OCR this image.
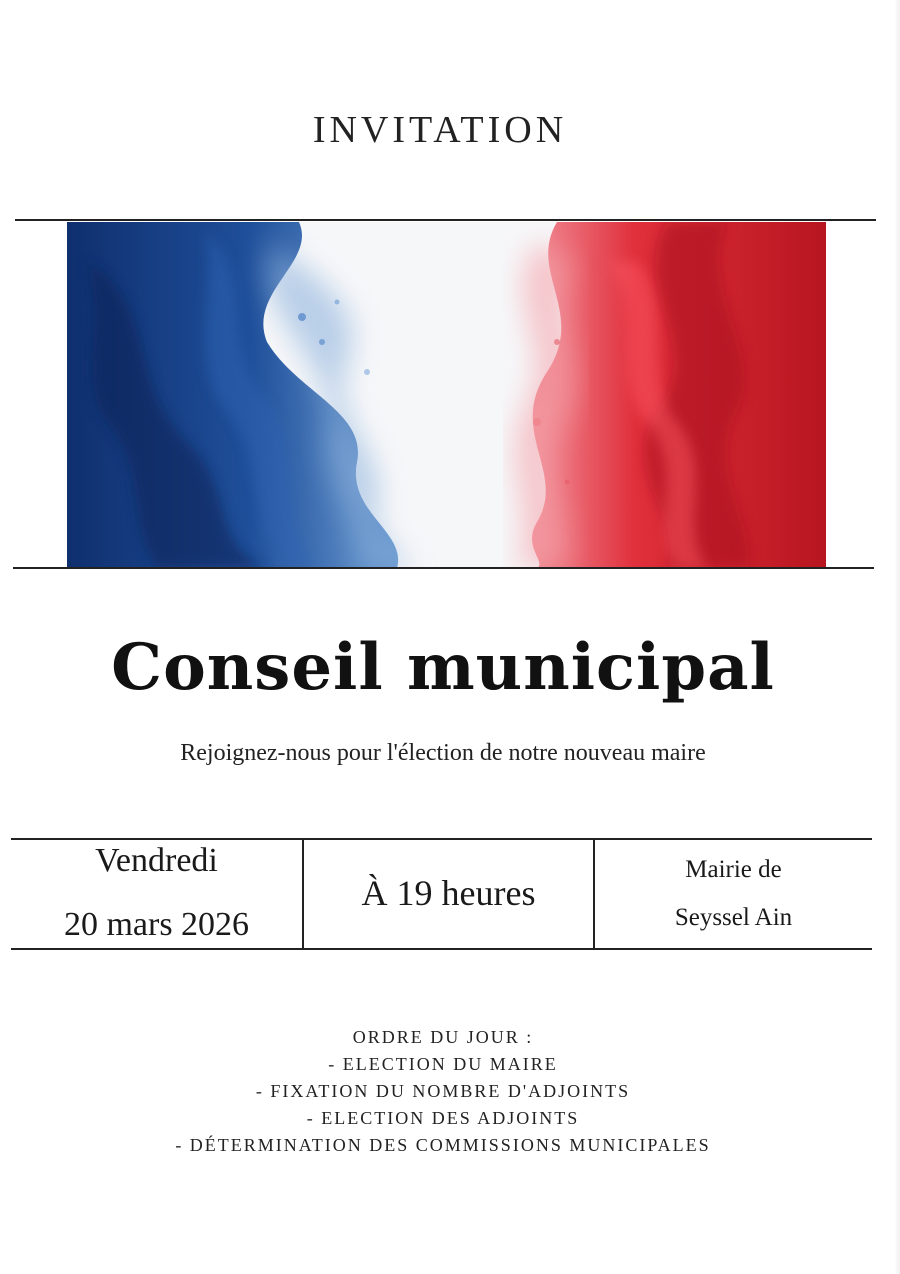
INVITATION
Conseil municipal
Rejoignez-nous pour l'élection de notre nouveau maire
Vendredi
20 mars 2026
À 19 heures
Mairie de
Seyssel Ain
ORDRE DU JOUR :
- ELECTION DU MAIRE
- FIXATION DU NOMBRE D'ADJOINTS
- ELECTION DES ADJOINTS
- DÉTERMINATION DES COMMISSIONS MUNICIPALES
